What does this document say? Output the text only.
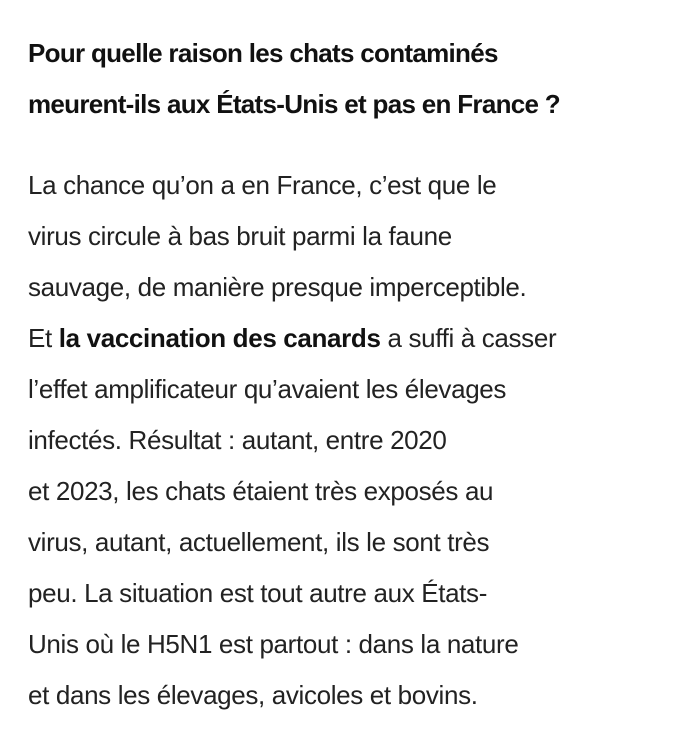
Pour quelle raison les chats contaminés
meurent-ils aux États-Unis et pas en France ?

La chance qu’on a en France, c’est que le
virus circule à bas bruit parmi la faune
sauvage, de manière presque imperceptible.
Et la vaccination des canards a suffi à casser
l’effet amplificateur qu’avaient les élevages
infectés. Résultat : autant, entre 2020
et 2023, les chats étaient très exposés au
virus, autant, actuellement, ils le sont très
peu. La situation est tout autre aux États-
Unis où le H5N1 est partout : dans la nature
et dans les élevages, avicoles et bovins.
